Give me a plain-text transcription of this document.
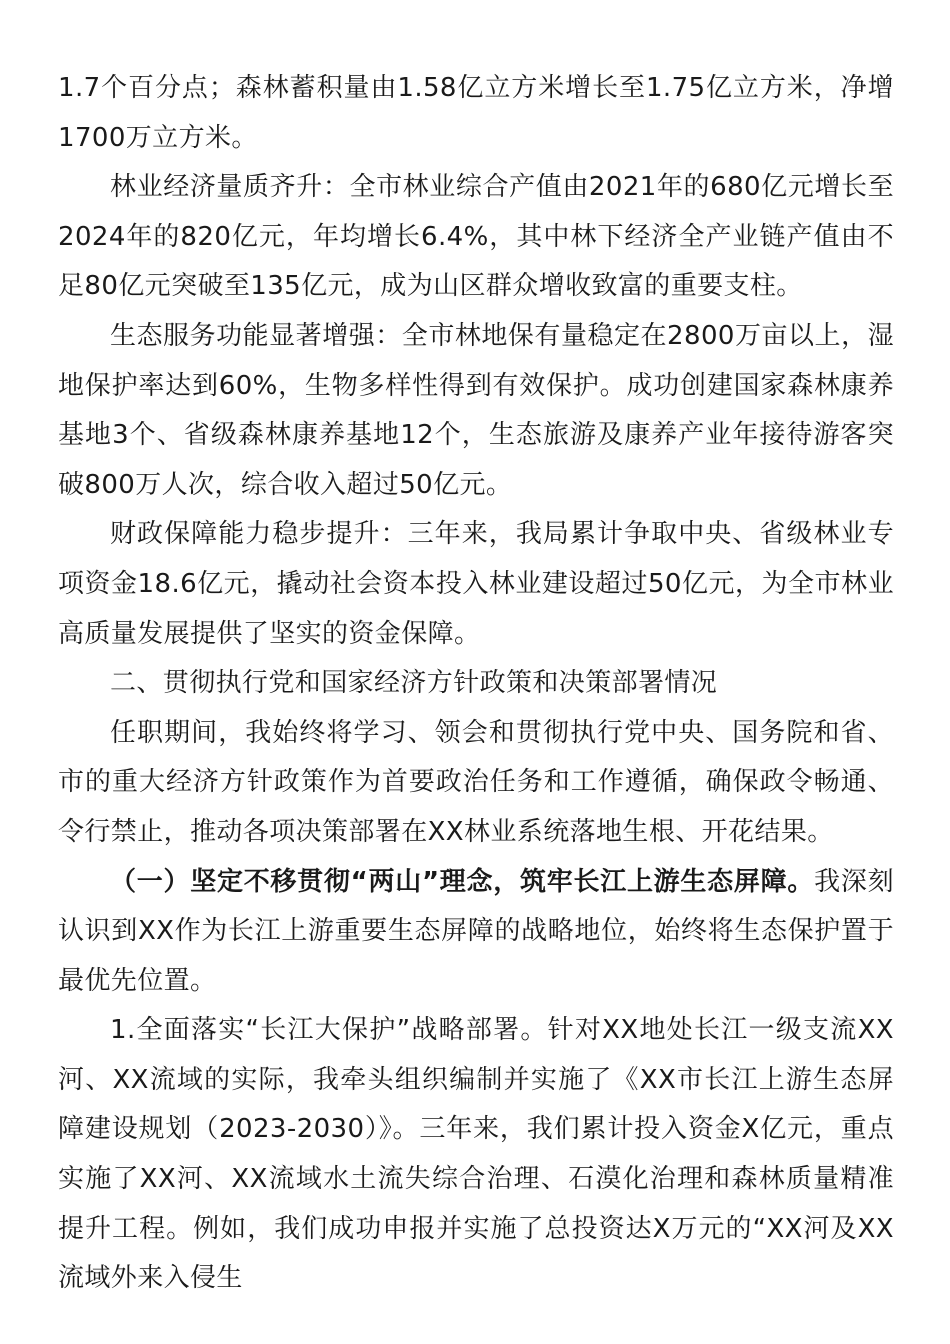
1.7个百分点；森林蓄积量由1.58亿立方米增长至1.75亿立方米，净增1700万立方米。

林业经济量质齐升：全市林业综合产值由2021年的680亿元增长至2024年的820亿元，年均增长6.4%，其中林下经济全产业链产值由不足80亿元突破至135亿元，成为山区群众增收致富的重要支柱。

生态服务功能显著增强：全市林地保有量稳定在2800万亩以上，湿地保护率达到60%，生物多样性得到有效保护。成功创建国家森林康养基地3个、省级森林康养基地12个，生态旅游及康养产业年接待游客突破800万人次，综合收入超过50亿元。

财政保障能力稳步提升：三年来，我局累计争取中央、省级林业专项资金18.6亿元，撬动社会资本投入林业建设超过50亿元，为全市林业高质量发展提供了坚实的资金保障。

二、贯彻执行党和国家经济方针政策和决策部署情况

任职期间，我始终将学习、领会和贯彻执行党中央、国务院和省、市的重大经济方针政策作为首要政治任务和工作遵循，确保政令畅通、令行禁止，推动各项决策部署在XX林业系统落地生根、开花结果。

（一）坚定不移贯彻“两山”理念，筑牢长江上游生态屏障。我深刻认识到XX作为长江上游重要生态屏障的战略地位，始终将生态保护置于最优先位置。

1.全面落实“长江大保护”战略部署。针对XX地处长江一级支流XX河、XX流域的实际，我牵头组织编制并实施了《XX市长江上游生态屏障建设规划（2023-2030）》。三年来，我们累计投入资金X亿元，重点实施了XX河、XX流域水土流失综合治理、石漠化治理和森林质量精准提升工程。例如，我们成功申报并实施了总投资达X万元的“XX河及XX流域外来入侵生
